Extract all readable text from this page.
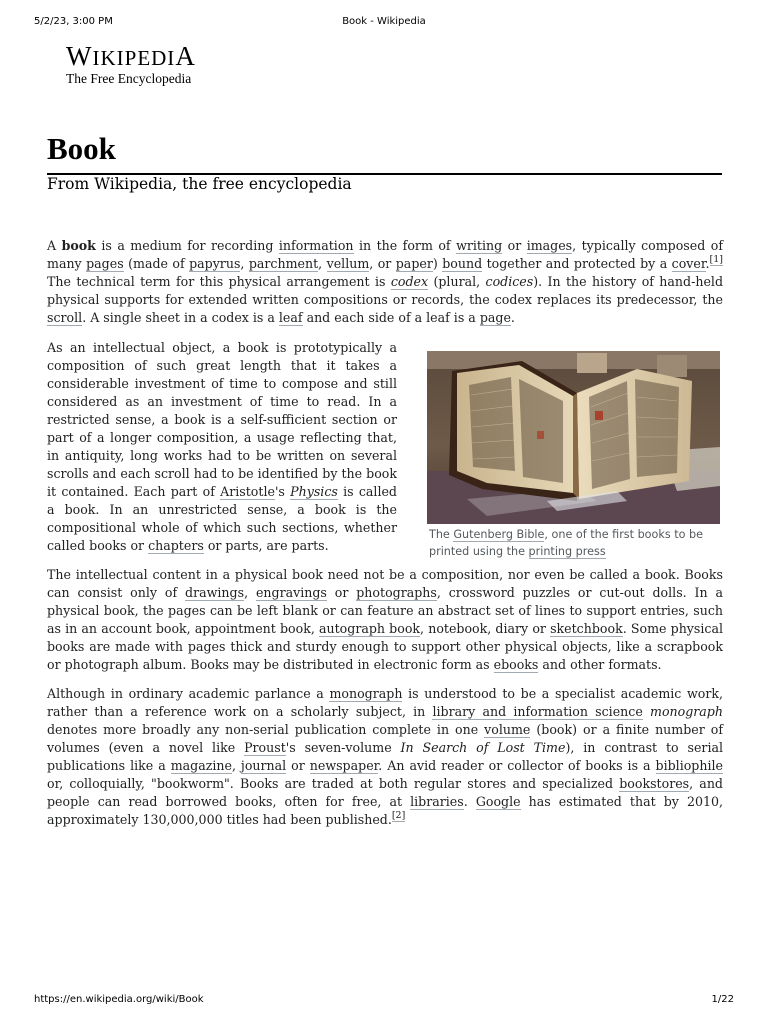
5/2/23, 3:00 PM	Book - Wikipedia
WIKIPEDIA
The Free Encyclopedia
Book
From Wikipedia, the free encyclopedia

A book is a medium for recording information in the form of writing or images, typically composed of many pages (made of papyrus, parchment, vellum, or paper) bound together and protected by a cover.[1] The technical term for this physical arrangement is codex (plural, codices). In the history of hand-held physical supports for extended written compositions or records, the codex replaces its predecessor, the scroll. A single sheet in a codex is a leaf and each side of a leaf is a page.

The Gutenberg Bible, one of the first books to be printed using the printing press

As an intellectual object, a book is prototypically a composition of such great length that it takes a considerable investment of time to compose and still considered as an investment of time to read. In a restricted sense, a book is a self-sufficient section or part of a longer composition, a usage reflecting that, in antiquity, long works had to be written on several scrolls and each scroll had to be identified by the book it contained. Each part of Aristotle's Physics is called a book. In an unrestricted sense, a book is the compositional whole of which such sections, whether called books or chapters or parts, are parts.

The intellectual content in a physical book need not be a composition, nor even be called a book. Books can consist only of drawings, engravings or photographs, crossword puzzles or cut-out dolls. In a physical book, the pages can be left blank or can feature an abstract set of lines to support entries, such as in an account book, appointment book, autograph book, notebook, diary or sketchbook. Some physical books are made with pages thick and sturdy enough to support other physical objects, like a scrapbook or photograph album. Books may be distributed in electronic form as ebooks and other formats.

Although in ordinary academic parlance a monograph is understood to be a specialist academic work, rather than a reference work on a scholarly subject, in library and information science monograph denotes more broadly any non-serial publication complete in one volume (book) or a finite number of volumes (even a novel like Proust's seven-volume In Search of Lost Time), in contrast to serial publications like a magazine, journal or newspaper. An avid reader or collector of books is a bibliophile or, colloquially, "bookworm". Books are traded at both regular stores and specialized bookstores, and people can read borrowed books, often for free, at libraries. Google has estimated that by 2010, approximately 130,000,000 titles had been published.[2]

https://en.wikipedia.org/wiki/Book	1/22
